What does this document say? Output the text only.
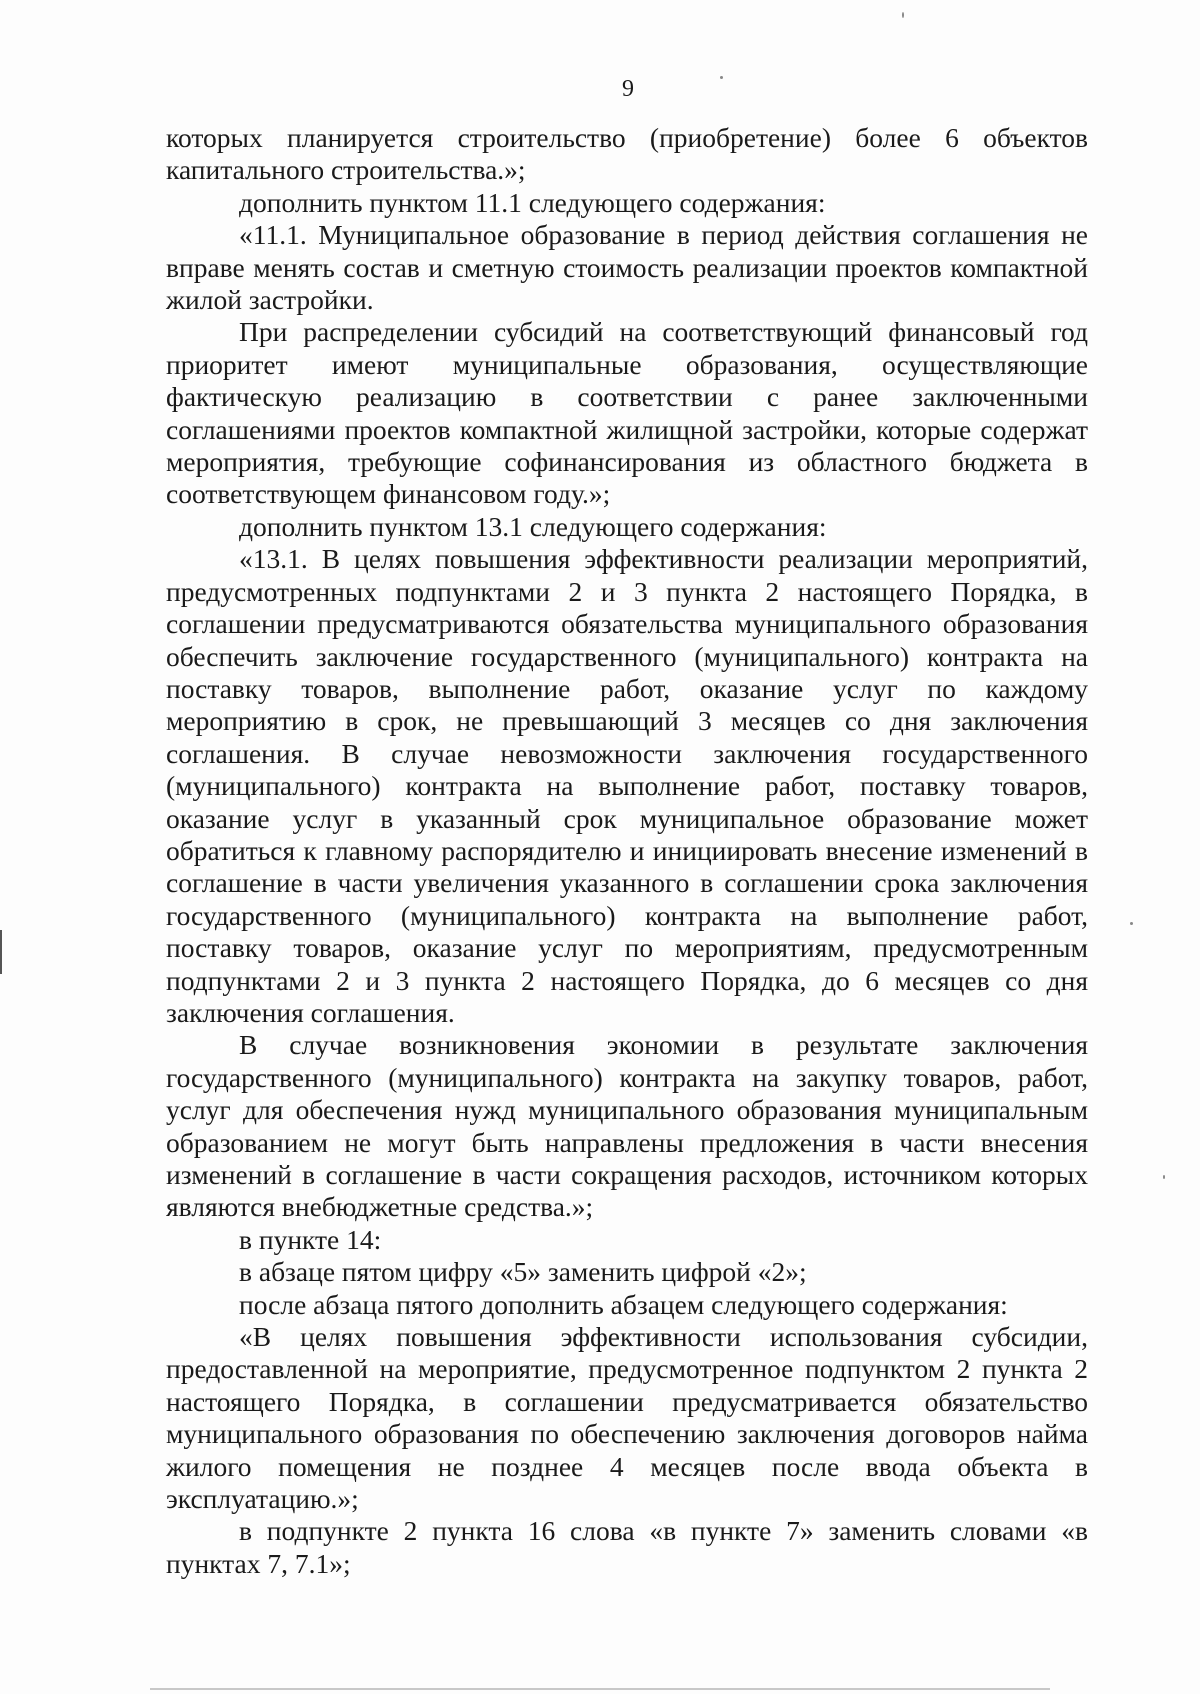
9

которых планируется строительство (приобретение) более 6 объектов капитального строительства.»;

дополнить пунктом 11.1 следующего содержания:

«11.1. Муниципальное образование в период действия соглашения не вправе менять состав и сметную стоимость реализации проектов компактной жилой застройки.

При распределении субсидий на соответствующий финансовый год приоритет имеют муниципальные образования, осуществляющие фактическую реализацию в соответствии с ранее заключенными соглашениями проектов компактной жилищной застройки, которые содержат мероприятия, требующие софинансирования из областного бюджета в соответствующем финансовом году.»;

дополнить пунктом 13.1 следующего содержания:

«13.1. В целях повышения эффективности реализации мероприятий, предусмотренных подпунктами 2 и 3 пункта 2 настоящего Порядка, в соглашении предусматриваются обязательства муниципального образования обеспечить заключение государственного (муниципального) контракта на поставку товаров, выполнение работ, оказание услуг по каждому мероприятию в срок, не превышающий 3 месяцев со дня заключения соглашения. В случае невозможности заключения государственного (муниципального) контракта на выполнение работ, поставку товаров, оказание услуг в указанный срок муниципальное образование может обратиться к главному распорядителю и инициировать внесение изменений в соглашение в части увеличения указанного в соглашении срока заключения государственного (муниципального) контракта на выполнение работ, поставку товаров, оказание услуг по мероприятиям, предусмотренным подпунктами 2 и 3 пункта 2 настоящего Порядка, до 6 месяцев со дня заключения соглашения.

В случае возникновения экономии в результате заключения государственного (муниципального) контракта на закупку товаров, работ, услуг для обеспечения нужд муниципального образования муниципальным образованием не могут быть направлены предложения в части внесения изменений в соглашение в части сокращения расходов, источником которых являются внебюджетные средства.»;

в пункте 14:

в абзаце пятом цифру «5» заменить цифрой «2»;

после абзаца пятого дополнить абзацем следующего содержания:

«В целях повышения эффективности использования субсидии, предоставленной на мероприятие, предусмотренное подпунктом 2 пункта 2 настоящего Порядка, в соглашении предусматривается обязательство муниципального образования по обеспечению заключения договоров найма жилого помещения не позднее 4 месяцев после ввода объекта в эксплуатацию.»;

в подпункте 2 пункта 16 слова «в пункте 7» заменить словами «в пунктах 7, 7.1»;
